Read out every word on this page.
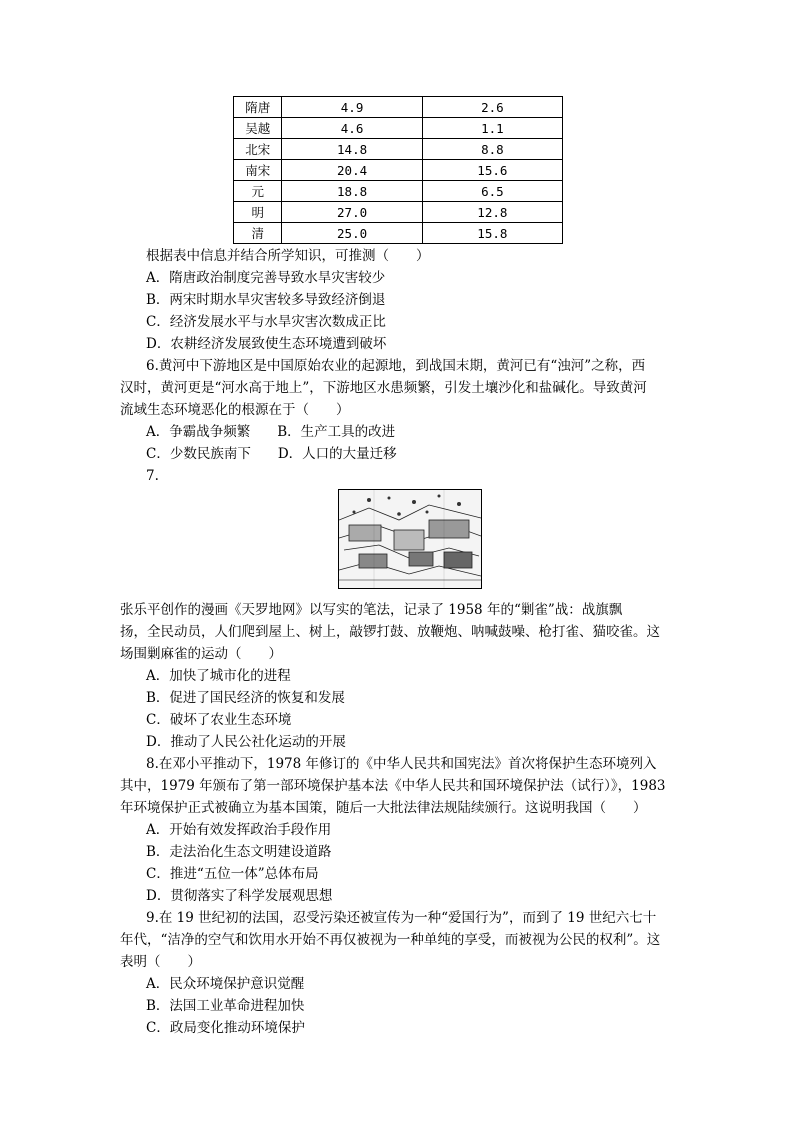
隋唐	4.9	2.6
吴越	4.6	1.1
北宋	14.8	8.8
南宋	20.4	15.6
元	18.8	6.5
明	27.0	12.8
清	25.0	15.8
根据表中信息并结合所学知识，可推测（　　）
A．隋唐政治制度完善导致水旱灾害较少
B．两宋时期水旱灾害较多导致经济倒退
C．经济发展水平与水旱灾害次数成正比
D．农耕经济发展致使生态环境遭到破坏
6.黄河中下游地区是中国原始农业的起源地，到战国末期，黄河已有“浊河”之称，西
汉时，黄河更是“河水高于地上”，下游地区水患频繁，引发土壤沙化和盐碱化。导致黄河
流域生态环境恶化的根源在于（　　）
A．争霸战争频繁　　B．生产工具的改进
C．少数民族南下　　D．人口的大量迁移
7.
张乐平创作的漫画《天罗地网》以写实的笔法，记录了 1958 年的“剿雀”战：战旗飘
扬，全民动员，人们爬到屋上、树上，敲锣打鼓、放鞭炮、呐喊鼓噪、枪打雀、猫咬雀。这
场围剿麻雀的运动（　　）
A．加快了城市化的进程
B．促进了国民经济的恢复和发展
C．破坏了农业生态环境
D．推动了人民公社化运动的开展
8.在邓小平推动下，1978 年修订的《中华人民共和国宪法》首次将保护生态环境列入
其中，1979 年颁布了第一部环境保护基本法《中华人民共和国环境保护法（试行）》，1983
年环境保护正式被确立为基本国策，随后一大批法律法规陆续颁行。这说明我国（　　）
A．开始有效发挥政治手段作用
B．走法治化生态文明建设道路
C．推进“五位一体”总体布局
D．贯彻落实了科学发展观思想
9.在 19 世纪初的法国，忍受污染还被宣传为一种“爱国行为”，而到了 19 世纪六七十
年代，“洁净的空气和饮用水开始不再仅被视为一种单纯的享受，而被视为公民的权利”。这
表明（　　）
A．民众环境保护意识觉醒
B．法国工业革命进程加快
C．政局变化推动环境保护
